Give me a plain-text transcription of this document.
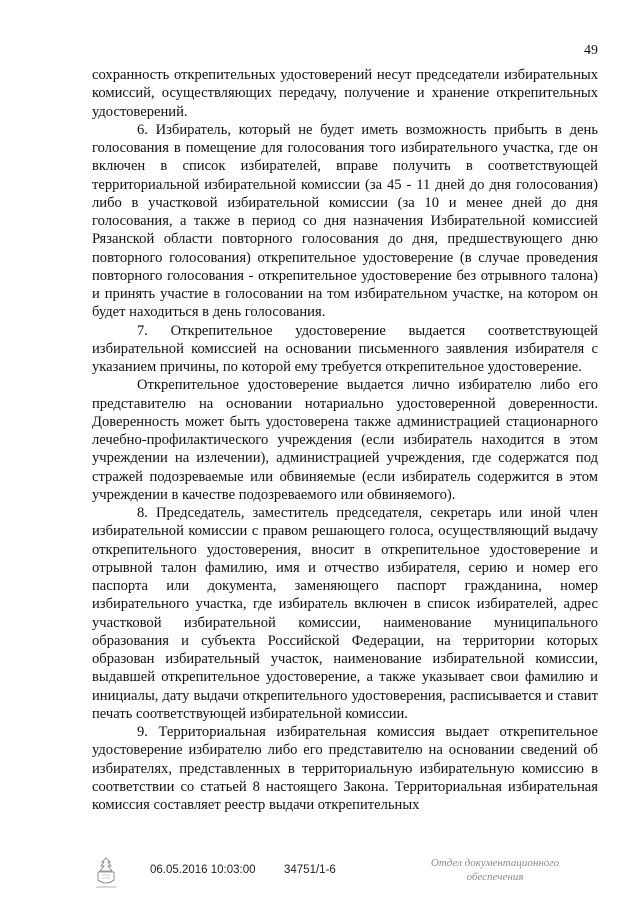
49

сохранность открепительных удостоверений несут председатели избирательных комиссий, осуществляющих передачу, получение и хранение открепительных удостоверений.

6. Избиратель, который не будет иметь возможность прибыть в день голосования в помещение для голосования того избирательного участка, где он включен в список избирателей, вправе получить в соответствующей территориальной избирательной комиссии (за 45 - 11 дней до дня голосования) либо в участковой избирательной комиссии (за 10 и менее дней до дня голосования, а также в период со дня назначения Избирательной комиссией Рязанской области повторного голосования до дня, предшествующего дню повторного голосования) открепительное удостоверение (в случае проведения повторного голосования - открепительное удостоверение без отрывного талона) и принять участие в голосовании на том избирательном участке, на котором он будет находиться в день голосования.

7. Открепительное удостоверение выдается соответствующей избирательной комиссией на основании письменного заявления избирателя с указанием причины, по которой ему требуется открепительное удостоверение.

Открепительное удостоверение выдается лично избирателю либо его представителю на основании нотариально удостоверенной доверенности. Доверенность может быть удостоверена также администрацией стационарного лечебно-профилактического учреждения (если избиратель находится в этом учреждении на излечении), администрацией учреждения, где содержатся под стражей подозреваемые или обвиняемые (если избиратель содержится в этом учреждении в качестве подозреваемого или обвиняемого).

8. Председатель, заместитель председателя, секретарь или иной член избирательной комиссии с правом решающего голоса, осуществляющий выдачу открепительного удостоверения, вносит в открепительное удостоверение и отрывной талон фамилию, имя и отчество избирателя, серию и номер его паспорта или документа, заменяющего паспорт гражданина, номер избирательного участка, где избиратель включен в список избирателей, адрес участковой избирательной комиссии, наименование муниципального образования и субъекта Российской Федерации, на территории которых образован избирательный участок, наименование избирательной комиссии, выдавшей открепительное удостоверение, а также указывает свои фамилию и инициалы, дату выдачи открепительного удостоверения, расписывается и ставит печать соответствующей избирательной комиссии.

9. Территориальная избирательная комиссия выдает открепительное удостоверение избирателю либо его представителю на основании сведений об избирателях, представленных в территориальную избирательную комиссию в соответствии со статьей 8 настоящего Закона. Территориальная избирательная комиссия составляет реестр выдачи открепительных

06.05.2016 10:03:00 34751/1-6
Отдел документационного
обеспечения
